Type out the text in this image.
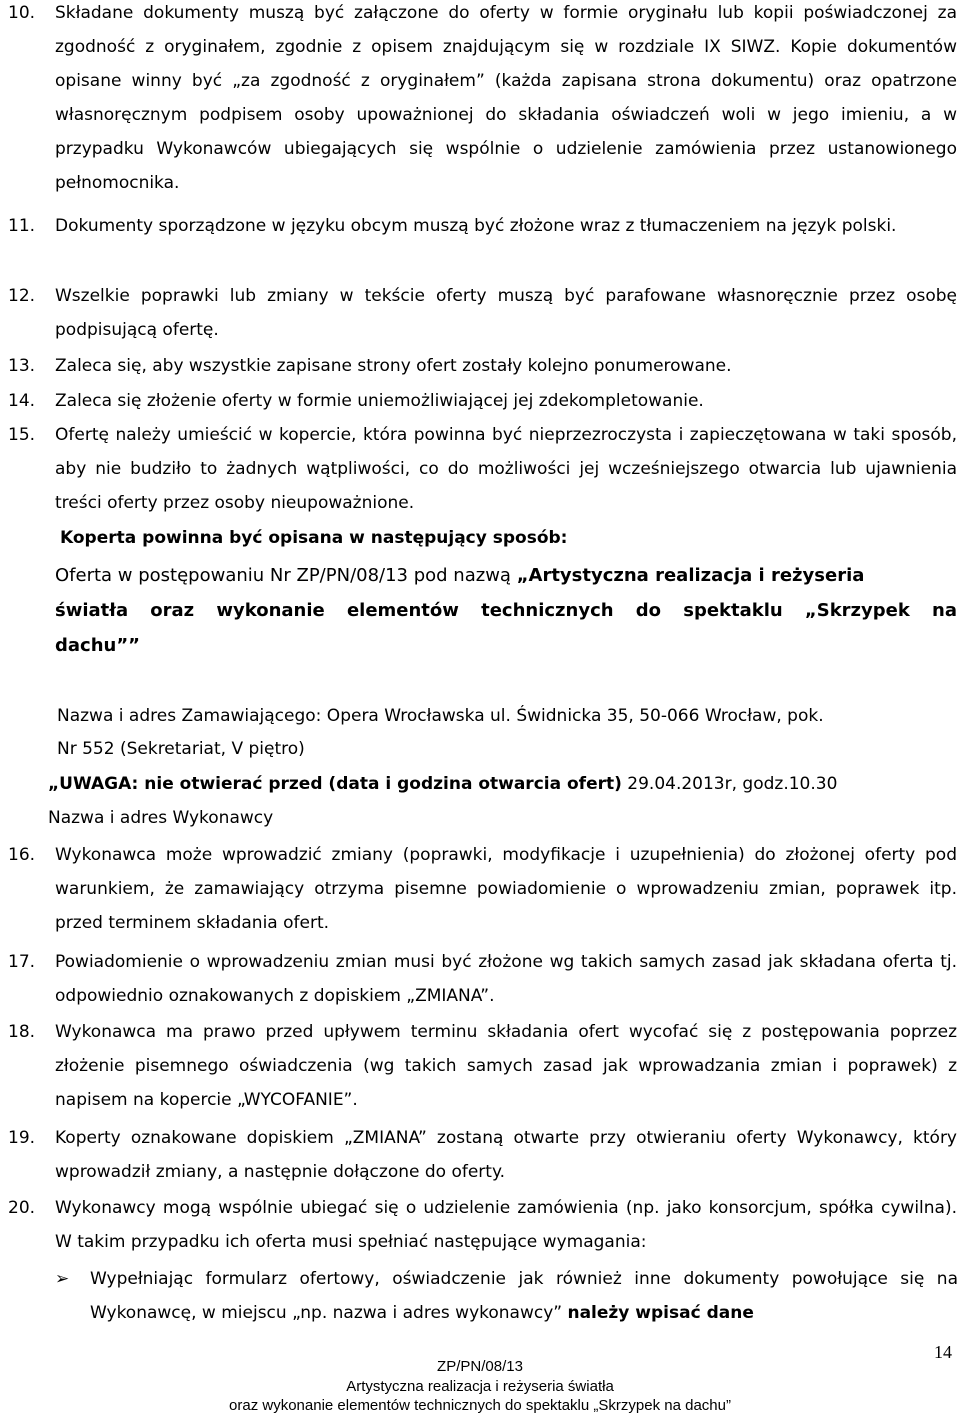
10. Składane dokumenty muszą być załączone do oferty w formie oryginału lub kopii poświadczonej za zgodność z oryginałem, zgodnie z opisem znajdującym się w rozdziale IX SIWZ. Kopie dokumentów opisane winny być „za zgodność z oryginałem” (każda zapisana strona dokumentu) oraz opatrzone własnoręcznym podpisem osoby upoważnionej do składania oświadczeń woli w jego imieniu, a w przypadku Wykonawców ubiegających się wspólnie o udzielenie zamówienia przez ustanowionego pełnomocnika.
11. Dokumenty sporządzone w języku obcym muszą być złożone wraz z tłumaczeniem na język polski.
12. Wszelkie poprawki lub zmiany w tekście oferty muszą być parafowane własnoręcznie przez osobę podpisującą ofertę.
13. Zaleca się, aby wszystkie zapisane strony ofert zostały kolejno ponumerowane.
14. Zaleca się złożenie oferty w formie uniemożliwiającej jej zdekompletowanie.
15. Ofertę należy umieścić w kopercie, która powinna być nieprzezroczysta i zapieczętowana w taki sposób, aby nie budziło to żadnych wątpliwości, co do możliwości jej wcześniejszego otwarcia lub ujawnienia treści oferty przez osoby nieupoważnione.
Koperta powinna być opisana w następujący sposób:
Oferta w postępowaniu Nr ZP/PN/08/13 pod nazwą „Artystyczna realizacja i reżyseria
światła oraz wykonanie elementów technicznych do spektaklu „Skrzypek na
dachu””
Nazwa i adres Zamawiającego: Opera Wrocławska ul. Świdnicka 35, 50-066 Wrocław, pok.
Nr 552 (Sekretariat, V piętro)
„UWAGA: nie otwierać przed (data i godzina otwarcia ofert) 29.04.2013r, godz.10.30
Nazwa i adres Wykonawcy
16. Wykonawca może wprowadzić zmiany (poprawki, modyfikacje i uzupełnienia) do złożonej oferty pod warunkiem, że zamawiający otrzyma pisemne powiadomienie o wprowadzeniu zmian, poprawek itp. przed terminem składania ofert.
17. Powiadomienie o wprowadzeniu zmian musi być złożone wg takich samych zasad jak składana oferta tj. odpowiednio oznakowanych z dopiskiem „ZMIANA”.
18. Wykonawca ma prawo przed upływem terminu składania ofert wycofać się z postępowania poprzez złożenie pisemnego oświadczenia (wg takich samych zasad jak wprowadzania zmian i poprawek) z napisem na kopercie „WYCOFANIE”.
19. Koperty oznakowane dopiskiem „ZMIANA” zostaną otwarte przy otwieraniu oferty Wykonawcy, który wprowadził zmiany, a następnie dołączone do oferty.
20. Wykonawcy mogą wspólnie ubiegać się o udzielenie zamówienia (np. jako konsorcjum, spółka cywilna). W takim przypadku ich oferta musi spełniać następujące wymagania:
➢ Wypełniając formularz ofertowy, oświadczenie jak również inne dokumenty powołujące się na Wykonawcę, w miejscu „np. nazwa i adres wykonawcy” należy wpisać dane
14
ZP/PN/08/13
Artystyczna realizacja i reżyseria światła
oraz wykonanie elementów technicznych do spektaklu „Skrzypek na dachu”
